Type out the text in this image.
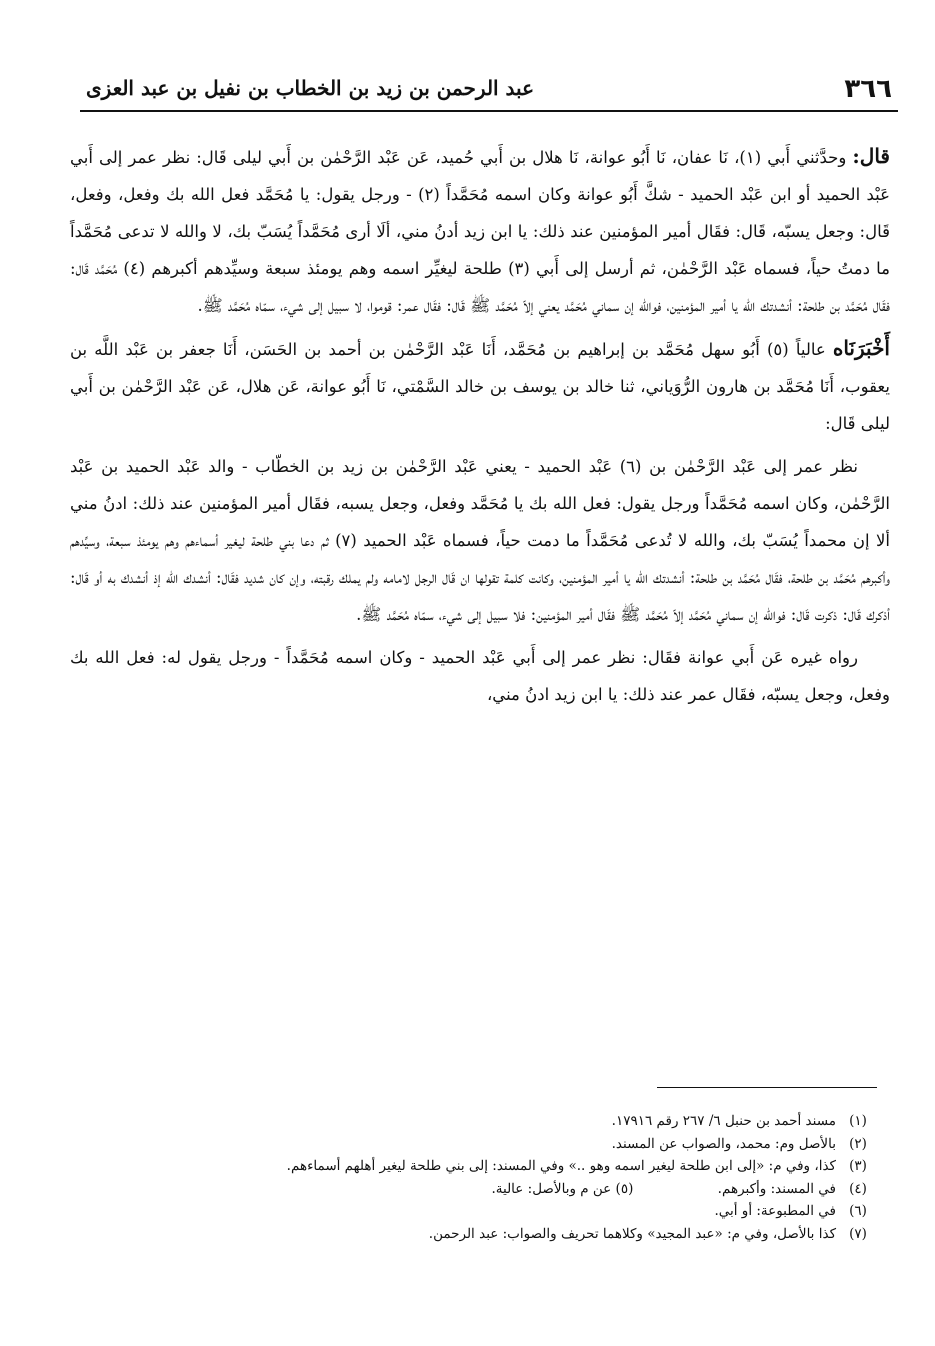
٣٦٦
عبد الرحمن بن زيد بن الخطاب بن نفيل بن عبد العزى

قال: وحدَّثني أَبي (١)، نَا عفان، نَا أَبُو عوانة، نَا هلال بن أَبي حُميد، عَن عَبْد الرَّحْمٰن بن أَبي ليلى قَال: نظر عمر إلى أَبي عَبْد الحميد أو ابن عَبْد الحميد - شكَّ أَبُو عوانة وكان اسمه مُحَمَّداً (٢) - ورجل يقول: يا مُحَمَّد فعل الله بك وفعل، وفعل، قَال: وجعل يسبّه، قَال: فقَال أمير المؤمنين عند ذلك: يا ابن زيد أدنُ مني، ألَا أرى مُحَمَّداً يُسَبّ بك، لا والله لا تدعى مُحَمَّداً ما دمتُ حياً، فسماه عَبْد الرَّحْمٰن، ثم أرسل إلى أَبي (٣) طلحة ليغيِّر اسمه وهم يومئذ سبعة وسيِّدهم أكبرهم (٤) مُحَمَّد قَال: فقَال مُحَمَّد بن طلحة: أنشدتك الله يا أمير المؤمنين، فوالله إن سماني مُحَمَّد يعني إلاّ مُحَمَّد ﷺ قَال: فقَال عمر: قوموا، لا سبيل إلى شيء، سمّاه مُحَمَّد ﷺ.

أَخْبَرَنَاه عالياً (٥) أَبُو سهل مُحَمَّد بن إبراهيم بن مُحَمَّد، أَنَا عَبْد الرَّحْمٰن بن أحمد بن الحَسَن، أَنَا جعفر بن عَبْد اللَّه بن يعقوب، أَنَا مُحَمَّد بن هارون الرُّوَياني، ثنا خالد بن يوسف بن خالد السَّمْتي، نَا أَبُو عوانة، عَن هلال، عَن عَبْد الرَّحْمٰن بن أَبي ليلى قَال:

نظر عمر إلى عَبْد الرَّحْمٰن بن (٦) عَبْد الحميد - يعني عَبْد الرَّحْمٰن بن زيد بن الخطّاب - والد عَبْد الحميد بن عَبْد الرَّحْمٰن، وكان اسمه مُحَمَّداً ورجل يقول: فعل الله بك يا مُحَمَّد وفعل، وجعل يسبه، فقَال أمير المؤمنين عند ذلك: ادنُ مني ألا إن محمداً يُسَبّ بك، والله لا تُدعى مُحَمَّداً ما دمت حياً، فسماه عَبْد الحميد (٧) ثم دعا بني طلحة ليغير أسماءهم وهم يومئذ سبعة، وسيِّدهم وأكبرهم مُحَمَّد بن طلحة، فقَال مُحَمَّد بن طلحة: أنشدتك الله يا أمير المؤمنين، وكانت كلمة تقولها ان قَال الرجل لامامه ولم يملك رقبته، وإن كان شديد فقَال: أنشدك الله إذ أنشدك به أو قَال: أذكرك قَال: ذكرت قَال: فوالله إن سماني مُحَمَّد إلاّ مُحَمَّد ﷺ فقَال أمير المؤمنين: فلا سبيل إلى شيء، سمّاه مُحَمَّد ﷺ.

رواه غيره عَن أَبي عوانة فقَال: نظر عمر إلى أَبي عَبْد الحميد - وكان اسمه مُحَمَّداً - ورجل يقول له: فعل الله بك وفعل، وجعل يسبّه، فقَال عمر عند ذلك: يا ابن زيد ادنُ مني،

(١)
مسند أحمد بن حنبل ٦/ ٢٦٧ رقم ١٧٩١٦.
(٢)
بالأصل وم: محمد، والصواب عن المسند.
(٣)
كذا، وفي م: «إلى ابن طلحة ليغير اسمه وهو ..» وفي المسند: إلى بني طلحة ليغير أهلهم أسماءهم.
(٤)
في المسند: وأكبرهم. (٥) عن م وبالأصل: عالية.
(٦)
في المطبوعة: أو أبي.
(٧)
كذا بالأصل، وفي م: «عبد المجيد» وكلاهما تحريف والصواب: عبد الرحمن.
